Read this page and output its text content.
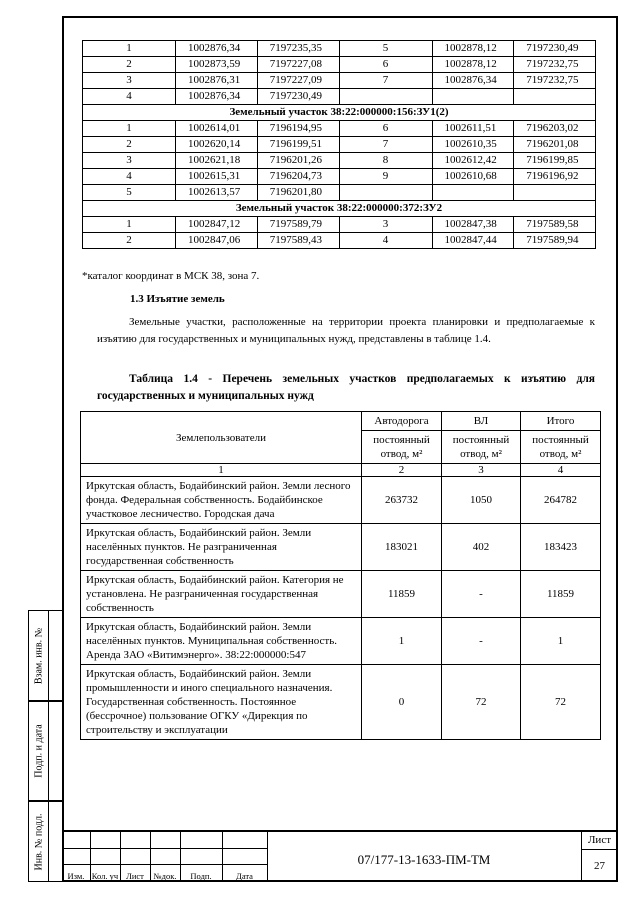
1	1002876,34	7197235,35	5	1002878,12	7197230,49
2	1002873,59	7197227,08	6	1002878,12	7197232,75
3	1002876,31	7197227,09	7	1002876,34	7197232,75
4	1002876,34	7197230,49			
Земельный участок 38:22:000000:156:ЗУ1(2)					
1	1002614,01	7196194,95	6	1002611,51	7196203,02
2	1002620,14	7196199,51	7	1002610,35	7196201,08
3	1002621,18	7196201,26	8	1002612,42	7196199,85
4	1002615,31	7196204,73	9	1002610,68	7196196,92
5	1002613,57	7196201,80			
Земельный участок 38:22:000000:372:ЗУ2					
1	1002847,12	7197589,79	3	1002847,38	7197589,58
2	1002847,06	7197589,43	4	1002847,44	7197589,94
*каталог координат в МСК 38, зона 7.
1.3 Изъятие земель

Земельные участки, расположенные на территории проекта планировки и предполагаемые к изъятию для государственных и муниципальных нужд, представлены в таблице 1.4.

Таблица 1.4 - Перечень земельных участков предполагаемых к изъятию для государственных и муниципальных нужд

Землепользователи	Автодорога	ВЛ	Итого
	постоянный отвод, м²	постоянный отвод, м²	постоянный отвод, м²
1	2	3	4
Иркутская область, Бодайбинский район. Земли лесного фонда. Федеральная собственность. Бодайбинское участковое лесничество. Городская дача	263732	1050	264782
Иркутская область, Бодайбинский район. Земли населённых пунктов. Не разграниченная государственная собственность	183021	402	183423
Иркутская область, Бодайбинский район. Категория не установлена. Не разграниченная государственная собственность	11859	-	11859
Иркутская область, Бодайбинский район. Земли населённых пунктов. Муниципальная собственность. Аренда ЗАО «Витимэнерго». 38:22:000000:547	1	-	1
Иркутская область, Бодайбинский район. Земли промышленности и иного специального назначения. Государственная собственность. Постоянное (бессрочное) пользование ОГКУ «Дирекция по строительству и эксплуатации	0	72	72
Взам. инв. №
Подп. и дата
Инв. № подл.
Изм. Кол. уч Лист	№док.	Подп.	Дата
07/177-13-1633-ПМ-ТМ
Лист
27
